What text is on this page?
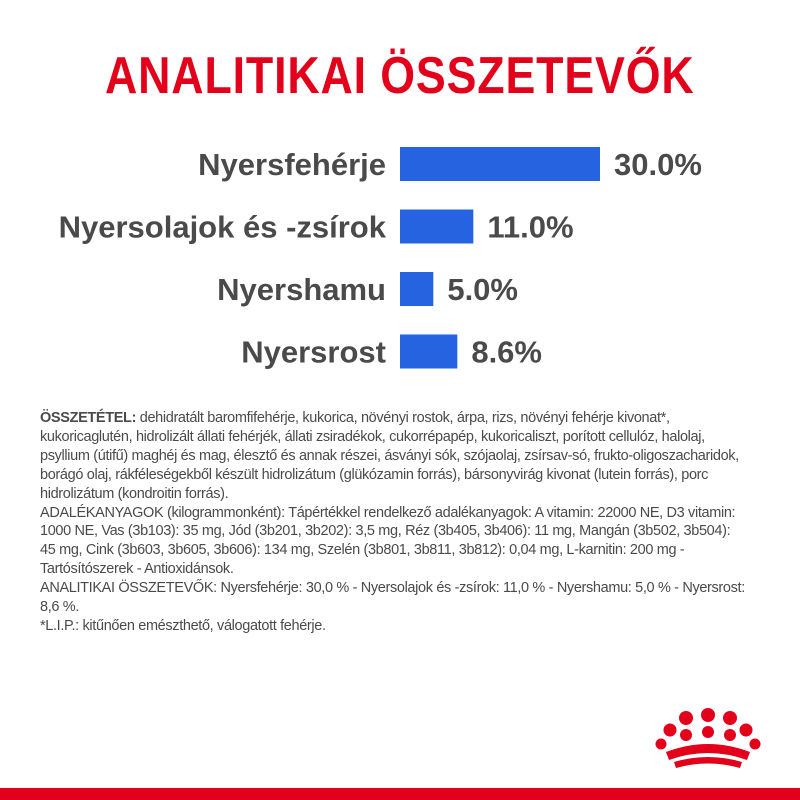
ANALITIKAI ÖSSZETEVŐK
Nyersfehérje	30.0%
Nyersolajok és -zsírok	11.0%
Nyershamu 5.0%
Nyersrost	8.6%

ÖSSZETÉTEL: dehidratált baromfifehérje, kukorica, növényi rostok, árpa, rizs, növényi fehérje kivonat*, kukoricaglutén, hidrolizált állati fehérjék, állati zsiradékok, cukorrépapép, kukoricaliszt, porított cellulóz, halolaj, psyllium (útifű) maghéj és mag, élesztő és annak részei, ásványi sók, szójaolaj, zsírsav-só, frukto-oligoszacharidok, borágó olaj, rákféleségekből készült hidrolizátum (glükózamin forrás), bársonyvirág kivonat (lutein forrás), porc hidrolizátum (kondroitin forrás).

ADALÉKANYAGOK (kilogrammonként): Tápértékkel rendelkező adalékanyagok: A vitamin: 22000 NE, D3 vitamin: 1000 NE, Vas (3b103): 35 mg, Jód (3b201, 3b202): 3,5 mg, Réz (3b405, 3b406): 11 mg, Mangán (3b502, 3b504): 45 mg, Cink (3b603, 3b605, 3b606): 134 mg, Szelén (3b801, 3b811, 3b812): 0,04 mg, L-karnitin: 200 mg - Tartósítószerek - Antioxidánsok.

ANALITIKAI ÖSSZETEVŐK: Nyersfehérje: 30,0 % - Nyersolajok és -zsírok: 11,0 % - Nyershamu: 5,0 % - Nyersrost: 8,6 %.

*L.I.P.: kitűnően emészthető, válogatott fehérje.
